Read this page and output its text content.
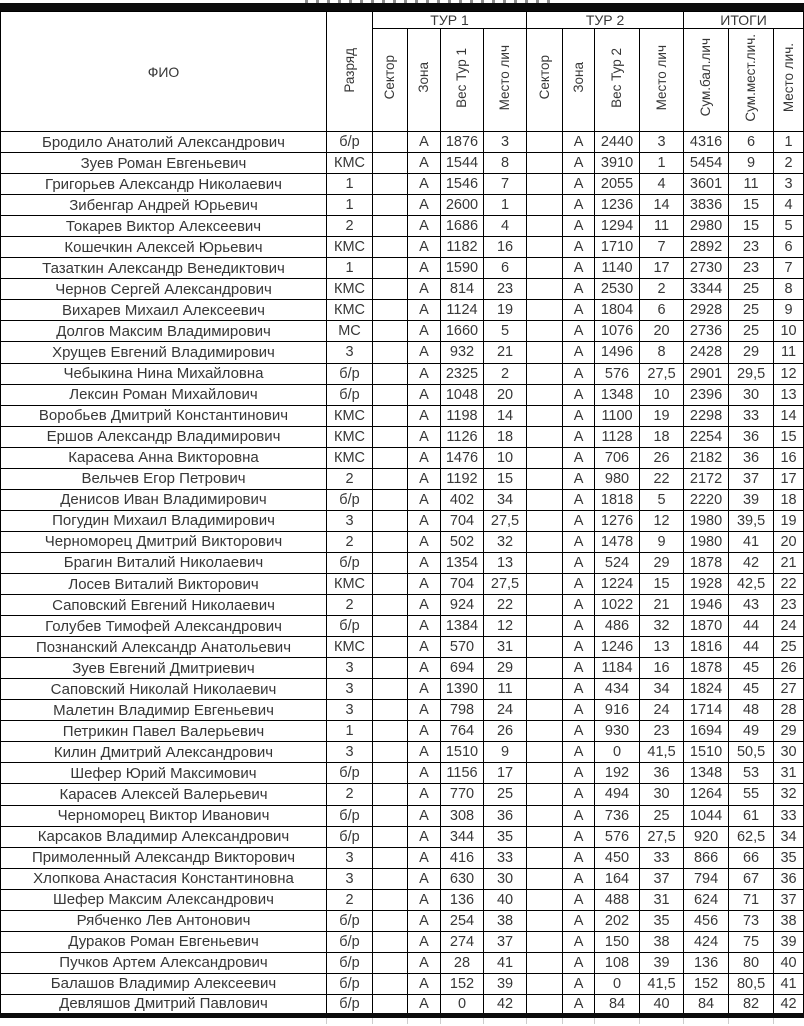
ФИО	Разряд	ТУР 1				ТУР 2				ИТОГИ		
		Сектор	Зона	Вес Тур 1	Место лич	Сектор	Зона	Вес Тур 2	Место лич	Сум.бал.лич	Сум.мест.лич.	Место лич.
Бродило Анатолий Александрович	б/р		А	1876	3		А	2440	3	4316	6	1
Зуев Роман Евгеньевич	КМС		А	1544	8		А	3910	1	5454	9	2
Григорьев Александр Николаевич	1		А	1546	7		А	2055	4	3601	11	3
Зибенгар Андрей Юрьевич	1		А	2600	1		А	1236	14	3836	15	4
Токарев Виктор Алексеевич	2		А	1686	4		А	1294	11	2980	15	5
Кошечкин Алексей Юрьевич	КМС		А	1182	16		А	1710	7	2892	23	6
Тазаткин Александр Венедиктович	1		А	1590	6		А	1140	17	2730	23	7
Чернов Сергей Александрович	КМС		А	814	23		А	2530	2	3344	25	8
Вихарев Михаил Алексеевич	КМС		А	1124	19		А	1804	6	2928	25	9
Долгов Максим Владимирович	МС		А	1660	5		А	1076	20	2736	25	10
Хрущев Евгений Владимирович	3		А	932	21		А	1496	8	2428	29	11
Чебыкина Нина Михайловна	б/р		А	2325	2		А	576	27,5	2901	29,5	12
Лексин Роман Михайлович	б/р		А	1048	20		А	1348	10	2396	30	13
Воробьев Дмитрий Константинович	КМС		А	1198	14		А	1100	19	2298	33	14
Ершов Александр Владимирович	КМС		А	1126	18		А	1128	18	2254	36	15
Карасева Анна Викторовна	КМС		А	1476	10		А	706	26	2182	36	16
Вельчев Егор Петрович	2		А	1192	15		А	980	22	2172	37	17
Денисов Иван Владимирович	б/р		А	402	34		А	1818	5	2220	39	18
Погудин Михаил Владимирович	3		А	704	27,5		А	1276	12	1980	39,5	19
Черноморец Дмитрий Викторович	2		А	502	32		А	1478	9	1980	41	20
Брагин Виталий Николаевич	б/р		А	1354	13		А	524	29	1878	42	21
Лосев Виталий Викторович	КМС		А	704	27,5		А	1224	15	1928	42,5	22
Саповский Евгений Николаевич	2		А	924	22		А	1022	21	1946	43	23
Голубев Тимофей Александрович	б/р		А	1384	12		А	486	32	1870	44	24
Познанский Александр Анатольевич	КМС		А	570	31		А	1246	13	1816	44	25
Зуев Евгений Дмитриевич	3		А	694	29		А	1184	16	1878	45	26
Саповский Николай Николаевич	3		А	1390	11		А	434	34	1824	45	27
Малетин Владимир Евгеньевич	3		А	798	24		А	916	24	1714	48	28
Петрикин Павел Валерьевич	1		А	764	26		А	930	23	1694	49	29
Килин Дмитрий Александрович	3		А	1510	9		А	0	41,5	1510	50,5	30
Шефер Юрий Максимович	б/р		А	1156	17		А	192	36	1348	53	31
Карасев Алексей Валерьевич	2		А	770	25		А	494	30	1264	55	32
Черноморец Виктор Иванович	б/р		А	308	36		А	736	25	1044	61	33
Карсаков Владимир Александрович	б/р		А	344	35		А	576	27,5	920	62,5	34
Примоленный Александр Викторович	3		А	416	33		А	450	33	866	66	35
Хлопкова Анастасия Константиновна	3		А	630	30		А	164	37	794	67	36
Шефер Максим Александрович	2		А	136	40		А	488	31	624	71	37
Рябченко Лев Антонович	б/р		А	254	38		А	202	35	456	73	38
Дураков Роман Евгеньевич	б/р		А	274	37		А	150	38	424	75	39
Пучков Артем Александрович	б/р		А	28	41		А	108	39	136	80	40
Балашов Владимир Алексеевич	б/р		А	152	39		А	0	41,5	152	80,5	41
Девляшов Дмитрий Павлович	б/р		А	0	42		А	84	40	84	82	42
